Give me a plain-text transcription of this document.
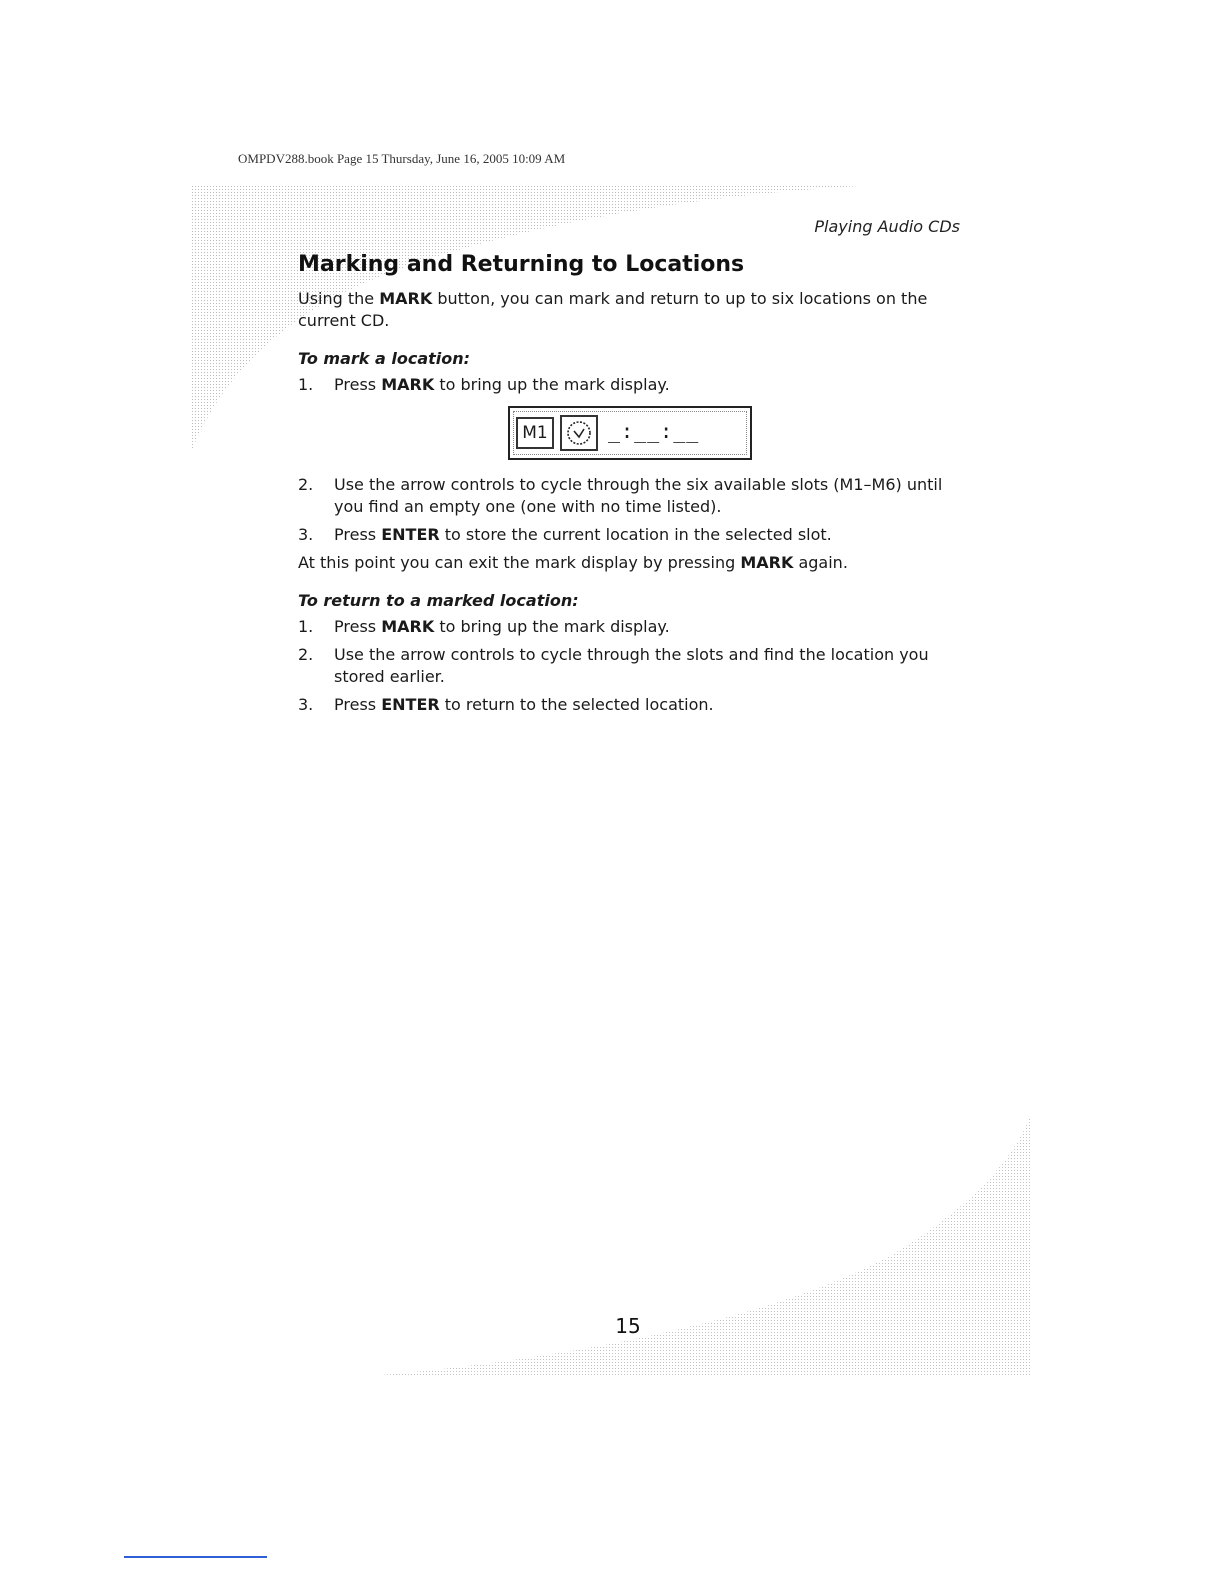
OMPDV288.book Page 15 Thursday, June 16, 2005 10:09 AM
Playing Audio CDs
Marking and Returning to Locations

Using the MARK button, you can mark and return to up to six locations on the current CD.

To mark a location:
1. Press MARK to bring up the mark display.
M1	_:__:__
2. Use the arrow controls to cycle through the six available slots (M1–M6) until you find an empty one (one with no time listed).
3. Press ENTER to store the current location in the selected slot.

At this point you can exit the mark display by pressing MARK again.

To return to a marked location:
1. Press MARK to bring up the mark display.
2. Use the arrow controls to cycle through the slots and find the location you stored earlier.
3. Press ENTER to return to the selected location.
15
